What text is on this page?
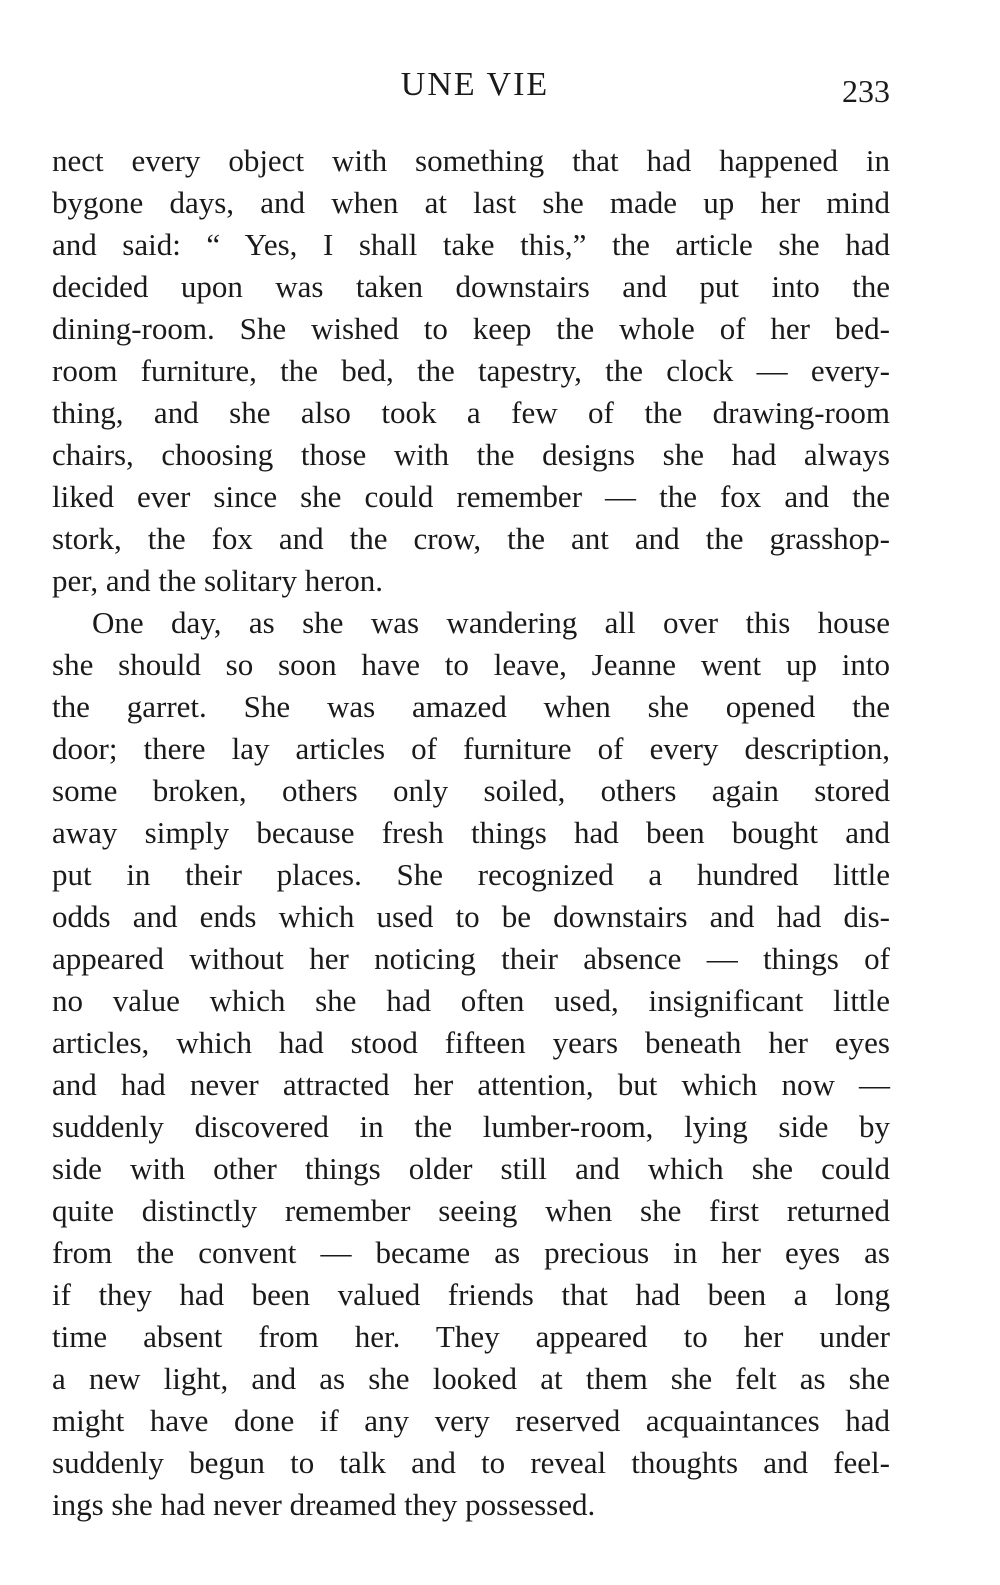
UNE VIE	233
nect every object with something that had happened in
bygone days, and when at last she made up her mind
and said: “ Yes, I shall take this,” the article she had
decided upon was taken downstairs and put into the
dining-room. She wished to keep the whole of her bed-
room furniture, the bed, the tapestry, the clock — every-
thing, and she also took a few of the drawing-room
chairs, choosing those with the designs she had always
liked ever since she could remember — the fox and the
stork, the fox and the crow, the ant and the grasshop-
per, and the solitary heron.
One day, as she was wandering all over this house
she should so soon have to leave, Jeanne went up into
the garret. She was amazed when she opened the
door; there lay articles of furniture of every description,
some broken, others only soiled, others again stored
away simply because fresh things had been bought and
put in their places. She recognized a hundred little
odds and ends which used to be downstairs and had dis-
appeared without her noticing their absence — things of
no value which she had often used, insignificant little
articles, which had stood fifteen years beneath her eyes
and had never attracted her attention, but which now —
suddenly discovered in the lumber-room, lying side by
side with other things older still and which she could
quite distinctly remember seeing when she first returned
from the convent — became as precious in her eyes as
if they had been valued friends that had been a long
time absent from her. They appeared to her under
a new light, and as she looked at them she felt as she
might have done if any very reserved acquaintances had
suddenly begun to talk and to reveal thoughts and feel-
ings she had never dreamed they possessed.
